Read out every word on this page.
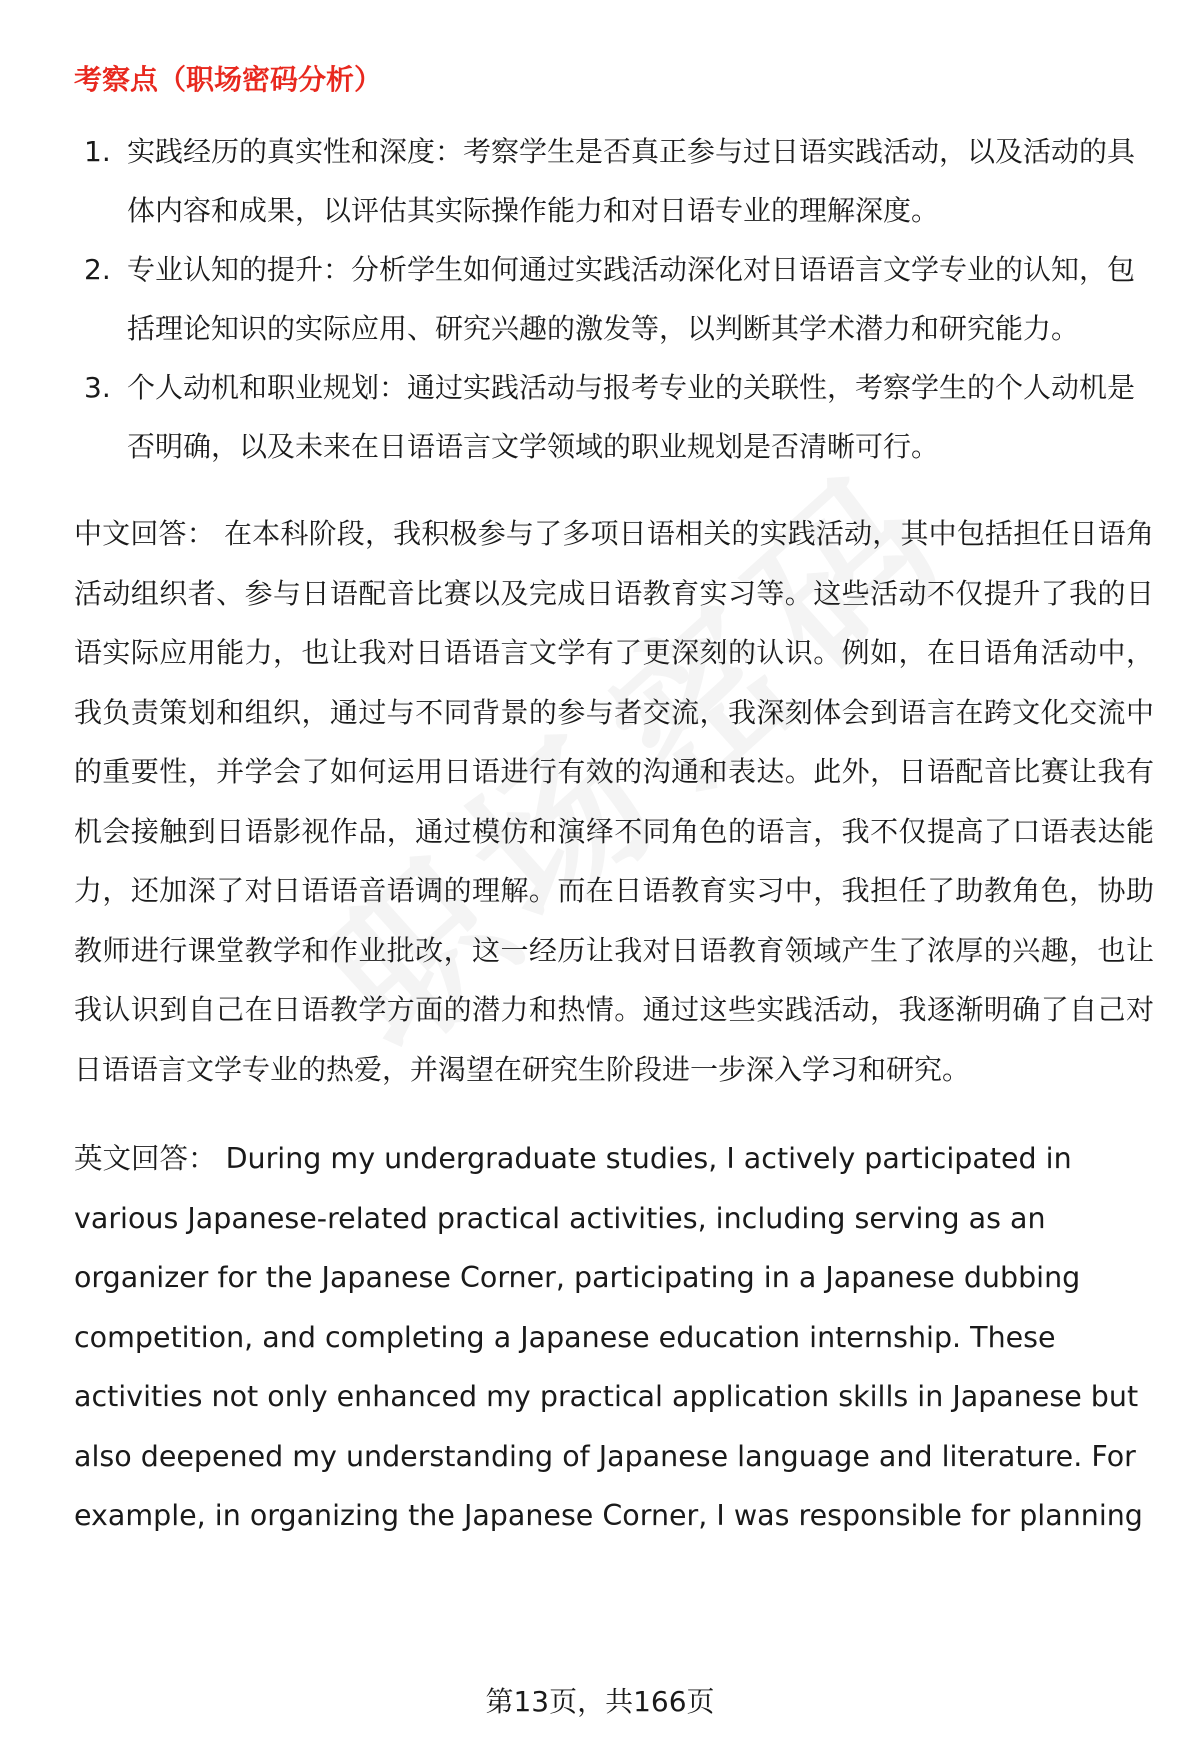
考察点（职场密码分析）
1. 实践经历的真实性和深度：考察学生是否真正参与过日语实践活动，以及活动的具体内容和成果，以评估其实际操作能力和对日语专业的理解深度。
2. 专业认知的提升：分析学生如何通过实践活动深化对日语语言文学专业的认知，包括理论知识的实际应用、研究兴趣的激发等，以判断其学术潜力和研究能力。
3. 个人动机和职业规划：通过实践活动与报考专业的关联性，考察学生的个人动机是否明确，以及未来在日语语言文学领域的职业规划是否清晰可行。

中文回答： 在本科阶段，我积极参与了多项日语相关的实践活动，其中包括担任日语角活动组织者、参与日语配音比赛以及完成日语教育实习等。这些活动不仅提升了我的日语实际应用能力，也让我对日语语言文学有了更深刻的认识。例如，在日语角活动中，我负责策划和组织，通过与不同背景的参与者交流，我深刻体会到语言在跨文化交流中的重要性，并学会了如何运用日语进行有效的沟通和表达。此外，日语配音比赛让我有机会接触到日语影视作品，通过模仿和演绎不同角色的语言，我不仅提高了口语表达能力，还加深了对日语语音语调的理解。而在日语教育实习中，我担任了助教角色，协助教师进行课堂教学和作业批改，这一经历让我对日语教育领域产生了浓厚的兴趣，也让我认识到自己在日语教学方面的潜力和热情。通过这些实践活动，我逐渐明确了自己对日语语言文学专业的热爱，并渴望在研究生阶段进一步深入学习和研究。

英文回答： During my undergraduate studies, I actively participated in various Japanese-related practical activities, including serving as an organizer for the Japanese Corner, participating in a Japanese dubbing competition, and completing a Japanese education internship. These activities not only enhanced my practical application skills in Japanese but also deepened my understanding of Japanese language and literature. For example, in organizing the Japanese Corner, I was responsible for planning

第13页，共166页
